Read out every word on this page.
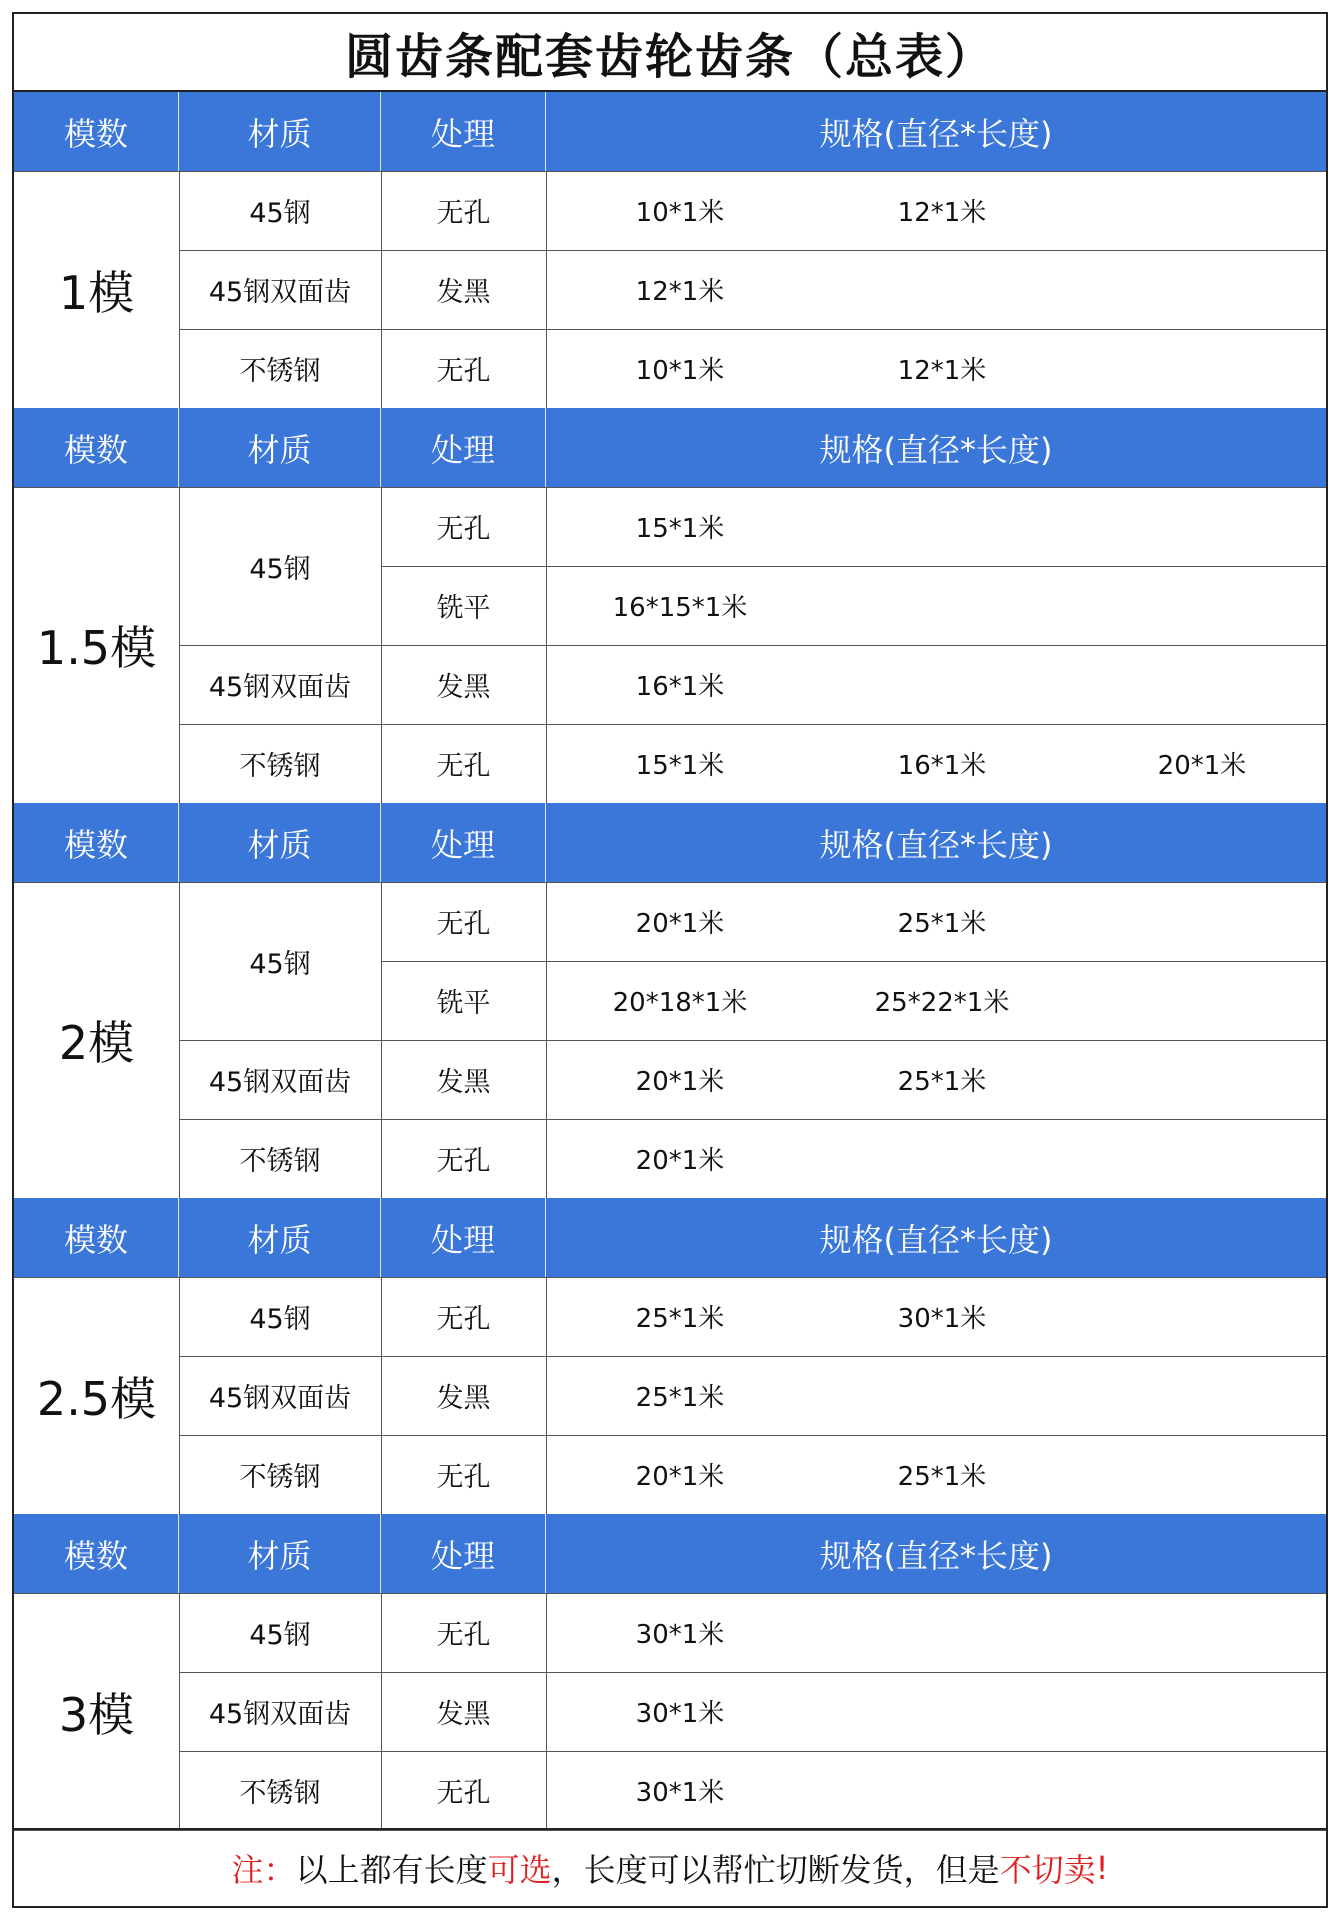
圆齿条配套齿轮齿条（总表）
模数	材质	处理	规格(直径*长度)
1模
45钢	无孔	10*1米	12*1米
45钢双面齿	发黑	12*1米
不锈钢	无孔	10*1米	12*1米
模数	材质	处理	规格(直径*长度)
1.5模
45钢
无孔	15*1米
铣平	16*15*1米
45钢双面齿	发黑	16*1米
不锈钢	无孔	15*1米	16*1米	20*1米
模数	材质	处理	规格(直径*长度)
2模
45钢
无孔	20*1米	25*1米
铣平	20*18*1米	25*22*1米
45钢双面齿	发黑	20*1米	25*1米
不锈钢	无孔	20*1米
模数	材质	处理	规格(直径*长度)
2.5模
45钢	无孔	25*1米	30*1米
45钢双面齿	发黑	25*1米
不锈钢	无孔	20*1米	25*1米
模数	材质	处理	规格(直径*长度)
3模
45钢	无孔	30*1米
45钢双面齿	发黑	30*1米
不锈钢	无孔	30*1米
注： 以上都有长度 可选 ，长度可以帮忙切断发货，但是 不切卖 !
